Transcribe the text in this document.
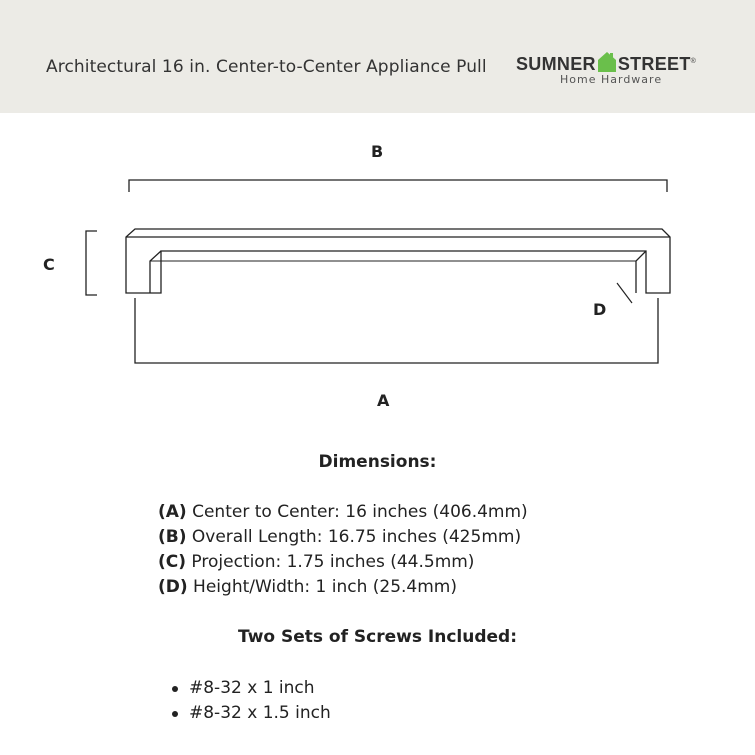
Architectural 16 in. Center-to-Center Appliance Pull SUMNER STREET®
Home Hardware
B
C
D
A
Dimensions:
(A) Center to Center: 16 inches (406.4mm)
(B) Overall Length: 16.75 inches (425mm)
(C) Projection: 1.75 inches (44.5mm)
(D) Height/Width: 1 inch (25.4mm)
Two Sets of Screws Included:
#8-32 x 1 inch
#8-32 x 1.5 inch
